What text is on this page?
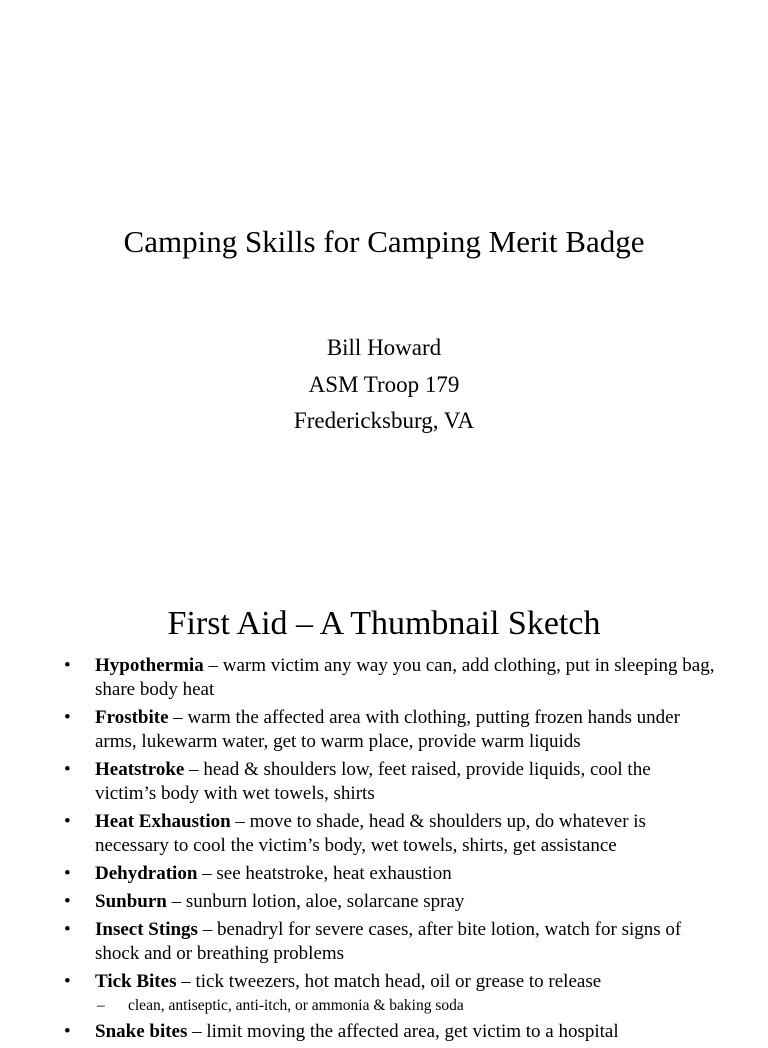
Camping Skills for Camping Merit Badge
Bill Howard
ASM Troop 179
Fredericksburg, VA
First Aid – A Thumbnail Sketch
• Hypothermia – warm victim any way you can, add clothing, put in sleeping bag, share body heat
• Frostbite – warm the affected area with clothing, putting frozen hands under arms, lukewarm water, get to warm place, provide warm liquids
• Heatstroke – head & shoulders low, feet raised, provide liquids, cool the victim’s body with wet towels, shirts
• Heat Exhaustion – move to shade, head & shoulders up, do whatever is necessary to cool the victim’s body, wet towels, shirts, get assistance
• Dehydration – see heatstroke, heat exhaustion
• Sunburn – sunburn lotion, aloe, solarcane spray
• Insect Stings – benadryl for severe cases, after bite lotion, watch for signs of shock and or breathing problems
• Tick Bites – tick tweezers, hot match head, oil or grease to release
– clean, antiseptic, anti-itch, or ammonia & baking soda
• Snake bites – limit moving the affected area, get victim to a hospital
